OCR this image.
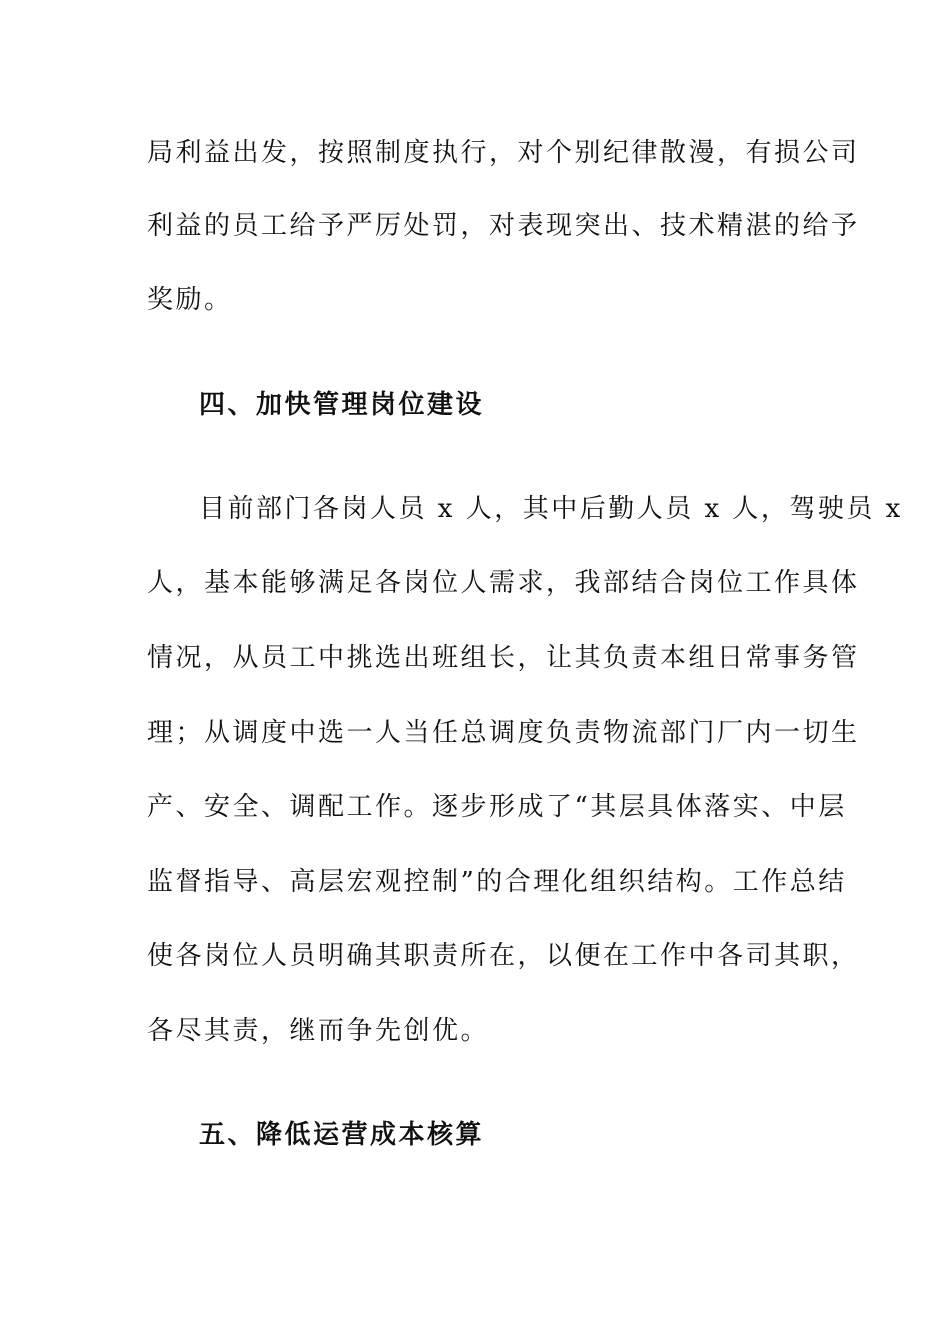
局利益出发，按照制度执行，对个别纪律散漫，有损公司
利益的员工给予严厉处罚，对表现突出、技术精湛的给予
奖励。
四、加快管理岗位建设
目前部门各岗人员 x 人，其中后勤人员 x 人，驾驶员 x
人，基本能够满足各岗位人需求，我部结合岗位工作具体
情况，从员工中挑选出班组长，让其负责本组日常事务管
理；从调度中选一人当任总调度负责物流部门厂内一切生
产、安全、调配工作。逐步形成了“其层具体落实、中层
监督指导、高层宏观控制”的合理化组织结构。工作总结
使各岗位人员明确其职责所在，以便在工作中各司其职，
各尽其责，继而争先创优。
五、降低运营成本核算
